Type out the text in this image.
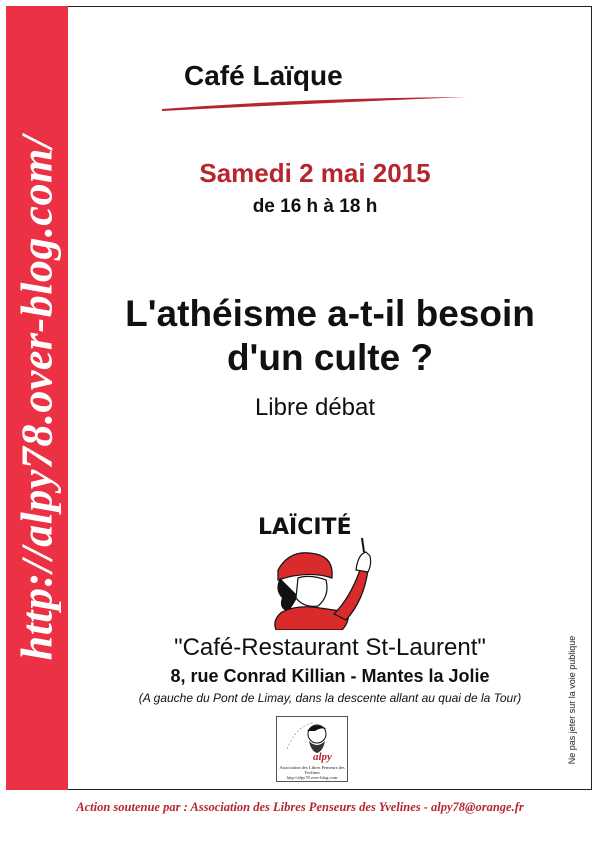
http://alpy78.over-blog.com/
Café Laïque
Samedi 2 mai 2015
de 16 h à 18 h
L'athéisme a-t-il besoin
d'un culte ?
Libre débat
LAÏCITÉ
"Café-Restaurant St-Laurent"
8, rue Conrad Killian - Mantes la Jolie
(A gauche du Pont de Limay, dans la descente allant au quai de la Tour)
alpy
Association des Libres Penseurs des Yvelines
http://alpy78.over-blog.com
Ne pas jeter sur la voie publique
Action soutenue par : Association des Libres Penseurs des Yvelines - alpy78@orange.fr
